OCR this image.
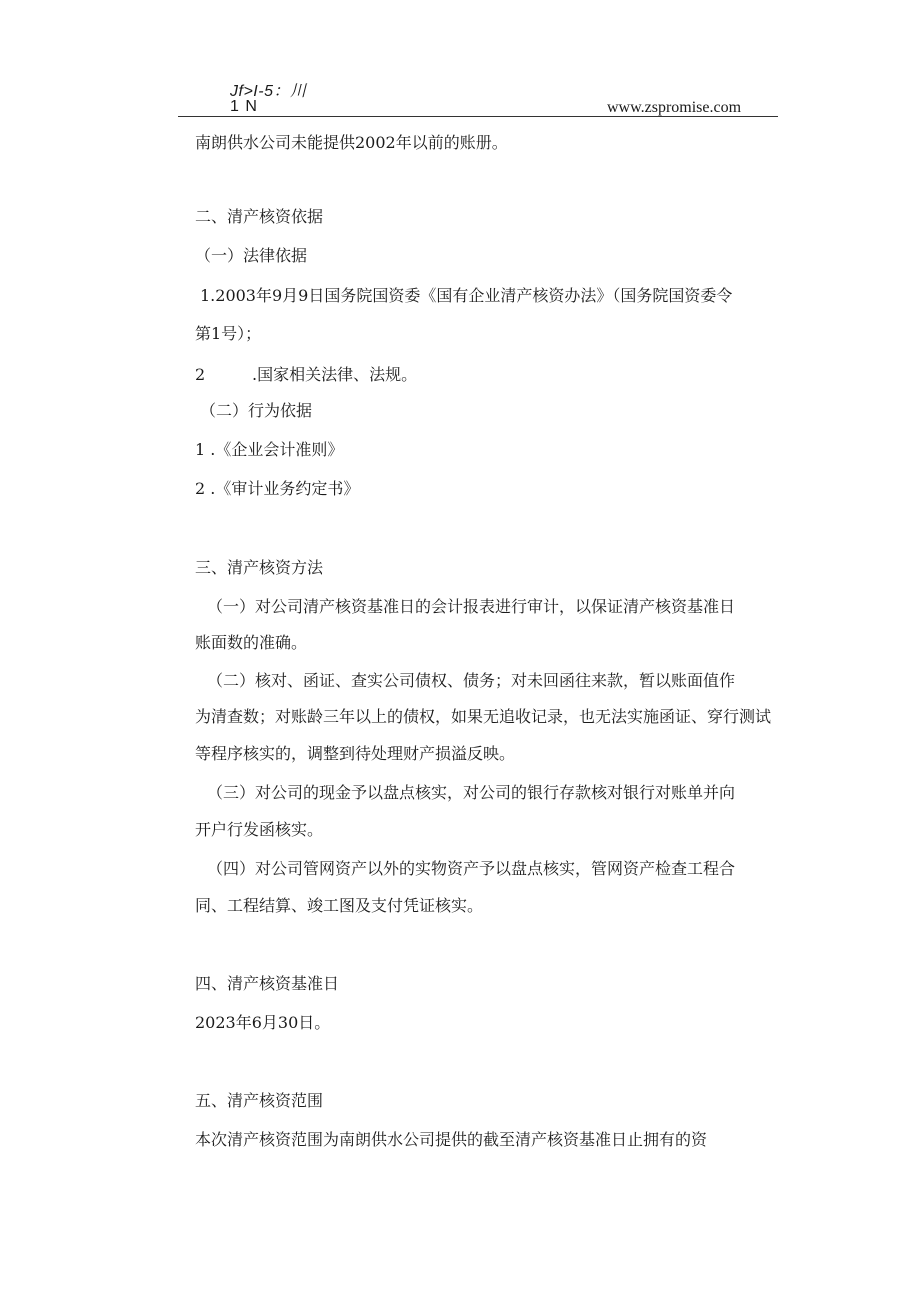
Jf>I-5：川
1 N	www.zspromise.com
南朗供水公司未能提供2002年以前的账册。
二、清产核资依据
（一）法律依据
1.2003年9月9日国务院国资委《国有企业清产核资办法》（国务院国资委令
第1号）；
2	.国家相关法律、法规。
（二）行为依据
1 .《企业会计准则》
2 .《审计业务约定书》
三、清产核资方法
（一）对公司清产核资基准日的会计报表进行审计，以保证清产核资基准日
账面数的准确。
（二）核对、函证、查实公司债权、债务；对未回函往来款，暂以账面值作
为清查数；对账龄三年以上的债权，如果无追收记录，也无法实施函证、穿行测试
等程序核实的，调整到待处理财产损溢反映。
（三）对公司的现金予以盘点核实，对公司的银行存款核对银行对账单并向
开户行发函核实。
（四）对公司管网资产以外的实物资产予以盘点核实，管网资产检查工程合
同、工程结算、竣工图及支付凭证核实。
四、清产核资基准日
2023年6月30日。
五、清产核资范围
本次清产核资范围为南朗供水公司提供的截至清产核资基准日止拥有的资
